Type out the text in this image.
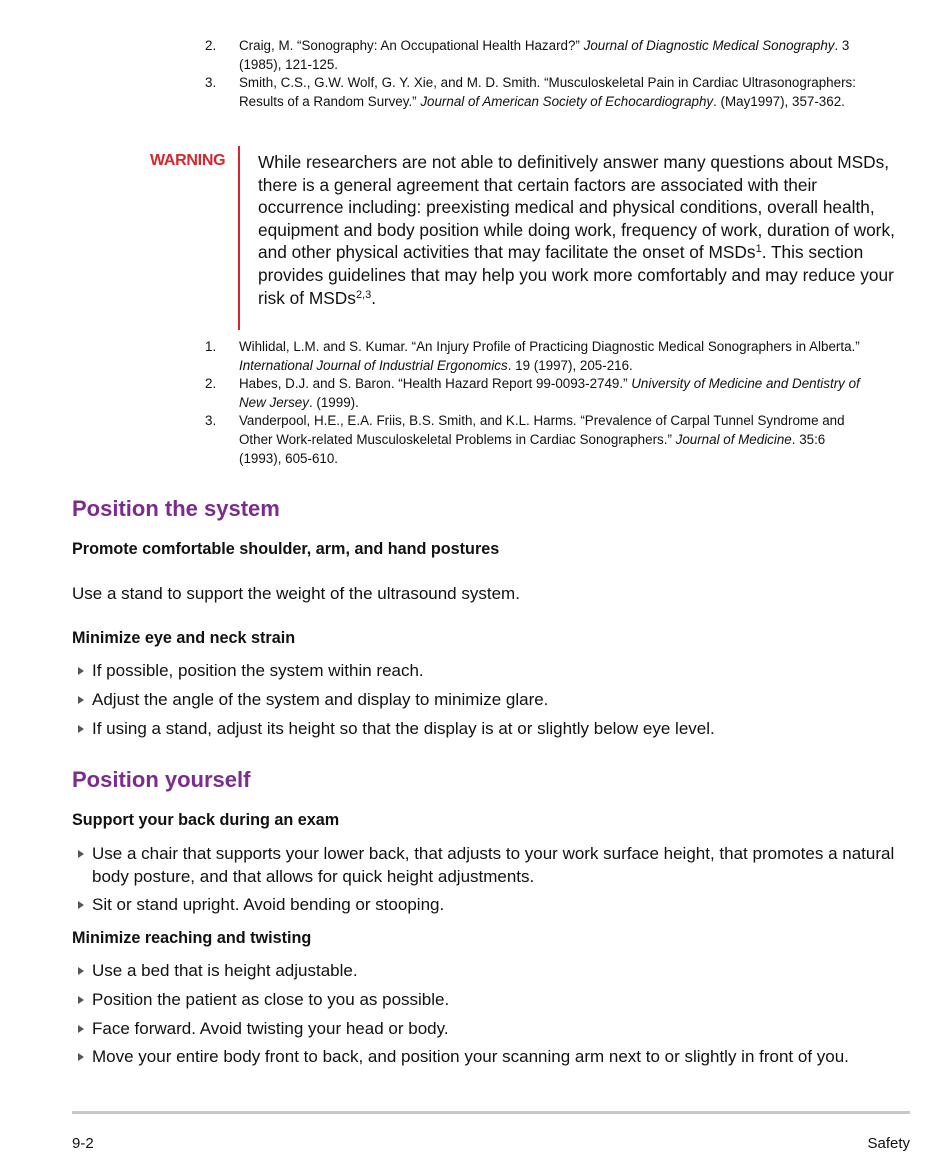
2.	Craig, M. “Sonography: An Occupational Health Hazard?” Journal of Diagnostic Medical Sonography. 3 (1985), 121-125.
3.	Smith, C.S., G.W. Wolf, G. Y. Xie, and M. D. Smith. “Musculoskeletal Pain in Cardiac Ultrasonographers: Results of a Random Survey.” Journal of American Society of Echocardiography. (May1997), 357-362.
WARNING While researchers are not able to definitively answer many questions about MSDs, there is a general agreement that certain factors are associated with their occurrence including: preexisting medical and physical conditions, overall health, equipment and body position while doing work, frequency of work, duration of work, and other physical activities that may facilitate the onset of MSDs$^1$. This section provides guidelines that may help you work more comfortably and may reduce your risk of MSDs$^{2,3}$.
1.	Wihlidal, L.M. and S. Kumar. “An Injury Profile of Practicing Diagnostic Medical Sonographers in Alberta.” International Journal of Industrial Ergonomics. 19 (1997), 205-216.
2.	Habes, D.J. and S. Baron. “Health Hazard Report 99-0093-2749.” University of Medicine and Dentistry of New Jersey. (1999).
3.	Vanderpool, H.E., E.A. Friis, B.S. Smith, and K.L. Harms. “Prevalence of Carpal Tunnel Syndrome and Other Work-related Musculoskeletal Problems in Cardiac Sonographers.” Journal of Medicine. 35:6 (1993), 605-610.
Position the system
Promote comfortable shoulder, arm, and hand postures

Use a stand to support the weight of the ultrasound system.

Minimize eye and neck strain
If possible, position the system within reach.
Adjust the angle of the system and display to minimize glare.
If using a stand, adjust its height so that the display is at or slightly below eye level.
Position yourself
Support your back during an exam
Use a chair that supports your lower back, that adjusts to your work surface height, that promotes a natural body posture, and that allows for quick height adjustments.
Sit or stand upright. Avoid bending or stooping.
Minimize reaching and twisting
Use a bed that is height adjustable.
Position the patient as close to you as possible.
Face forward. Avoid twisting your head or body.
Move your entire body front to back, and position your scanning arm next to or slightly in front of you.
9-2	Safety
